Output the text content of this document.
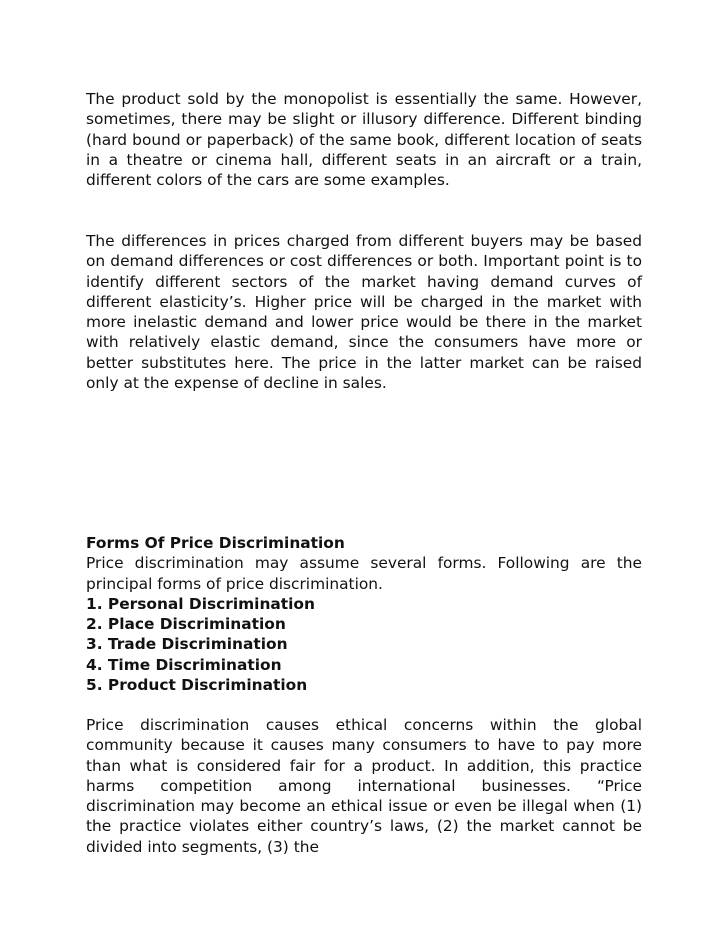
The product sold by the monopolist is essentially the same. However, sometimes, there may be slight or illusory difference. Different binding (hard bound or paperback) of the same book, different location of seats in a theatre or cinema hall, different seats in an aircraft or a train, different colors of the cars are some examples.

The differences in prices charged from different buyers may be based on demand differences or cost differences or both. Important point is to identify different sectors of the market having demand curves of different elasticity’s. Higher price will be charged in the market with more inelastic demand and lower price would be there in the market with relatively elastic demand, since the consumers have more or better substitutes here. The price in the latter market can be raised only at the expense of decline in sales.

Forms Of Price Discrimination

Price discrimination may assume several forms. Following are the principal forms of price discrimination.

1. Personal Discrimination

2. Place Discrimination

3. Trade Discrimination

4. Time Discrimination

5. Product Discrimination

Price discrimination causes ethical concerns within the global community because it causes many consumers to have to pay more than what is considered fair for a product. In addition, this practice harms competition among international businesses. “Price discrimination may become an ethical issue or even be illegal when (1) the practice violates either country’s laws, (2) the market cannot be divided into segments, (3) the
